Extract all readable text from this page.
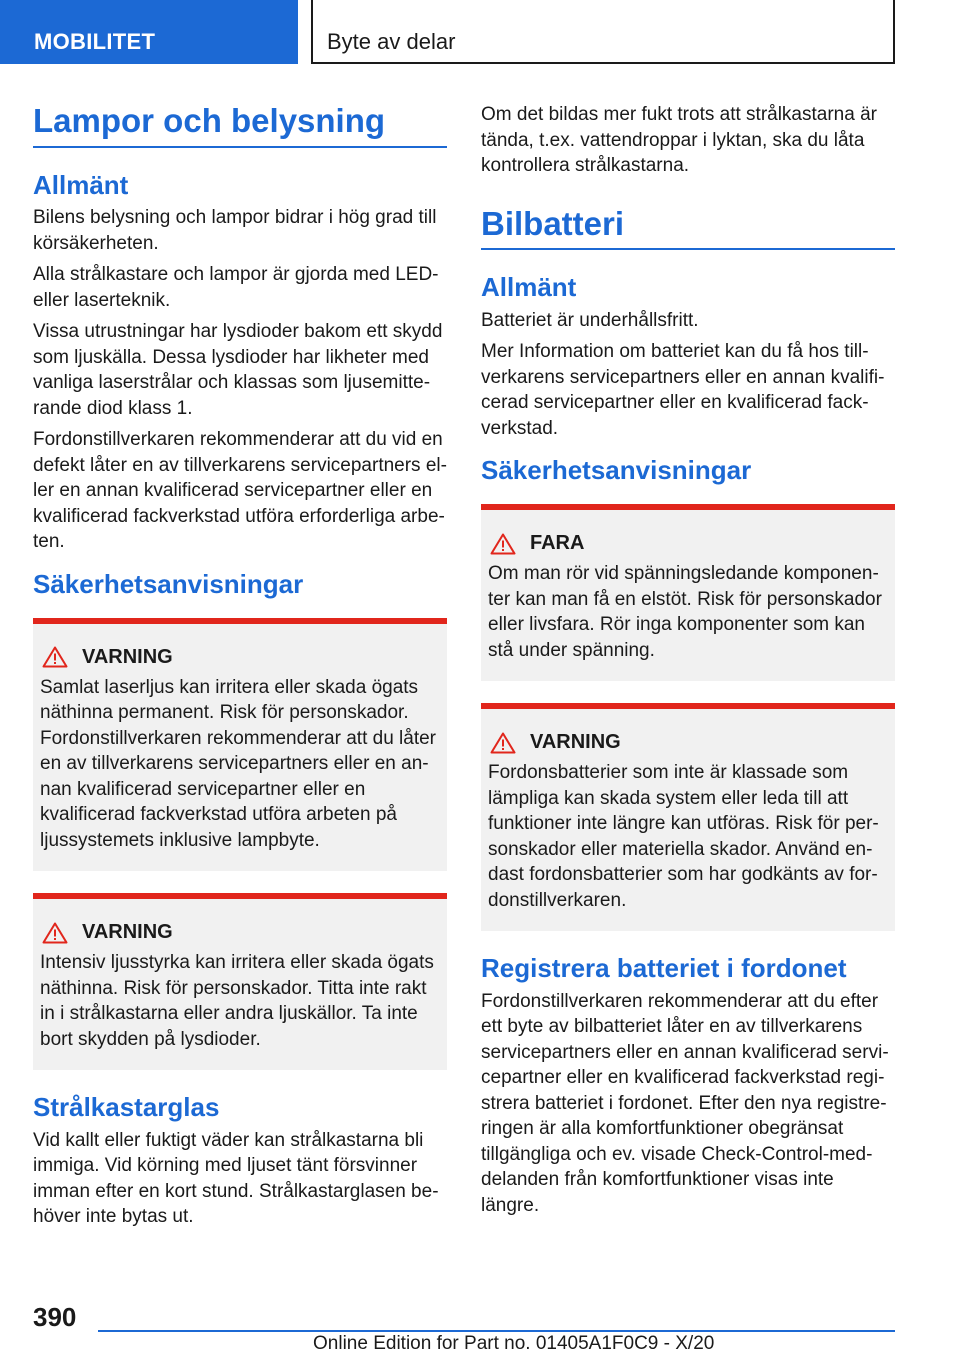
MOBILITET	Byte av delar
Lampor och belysning
Allmänt

Bilens belysning och lampor bidrar i hög grad till körsäkerheten.

Alla strålkastare och lampor är gjorda med LED- eller laserteknik.

Vissa utrustningar har lysdioder bakom ett skydd som ljuskälla. Dessa lysdioder har likheter med vanliga laserstrålar och klassas som ljusemitterande diod klass 1.

Fordonstillverkaren rekommenderar att du vid en defekt låter en av tillverkarens servicepartners eller en annan kvalificerad servicepartner eller en kvalificerad fackverkstad utföra erforderliga arbeten.

Säkerhetsanvisningar
VARNING

Samlat laserljus kan irritera eller skada ögats näthinna permanent. Risk för personskador. Fordonstillverkaren rekommenderar att du låter en av tillverkarens servicepartners eller en annan kvalificerad servicepartner eller en kvalificerad fackverkstad utföra arbeten på ljussystemets inklusive lampbyte.

VARNING

Intensiv ljusstyrka kan irritera eller skada ögats näthinna. Risk för personskador. Titta inte rakt in i strålkastarna eller andra ljuskällor. Ta inte bort skydden på lysdioder.

Strålkastarglas

Vid kallt eller fuktigt väder kan strålkastarna bli immiga. Vid körning med ljuset tänt försvinner imman efter en kort stund. Strålkastarglasen behöver inte bytas ut.

Om det bildas mer fukt trots att strålkastarna är tända, t.ex. vattendroppar i lyktan, ska du låta kontrollera strålkastarna.

Bilbatteri
Allmänt

Batteriet är underhållsfritt.

Mer Information om batteriet kan du få hos tillverkarens servicepartners eller en annan kvalificerad servicepartner eller en kvalificerad fackverkstad.

Säkerhetsanvisningar
FARA

Om man rör vid spänningsledande komponenter kan man få en elstöt. Risk för personskador eller livsfara. Rör inga komponenter som kan stå under spänning.

VARNING

Fordonsbatterier som inte är klassade som lämpliga kan skada system eller leda till att funktioner inte längre kan utföras. Risk för personskador eller materiella skador. Använd endast fordonsbatterier som har godkänts av fordonstillverkaren.

Registrera batteriet i fordonet

Fordonstillverkaren rekommenderar att du efter ett byte av bilbatteriet låter en av tillverkarens servicepartners eller en annan kvalificerad servicepartner eller en kvalificerad fackverkstad registrera batteriet i fordonet. Efter den nya registreringen är alla komfortfunktioner obegränsat tillgängliga och ev. visade Check-Control-meddelanden från komfortfunktioner visas inte längre.

390
Online Edition for Part no. 01405A1F0C9 - X/20
